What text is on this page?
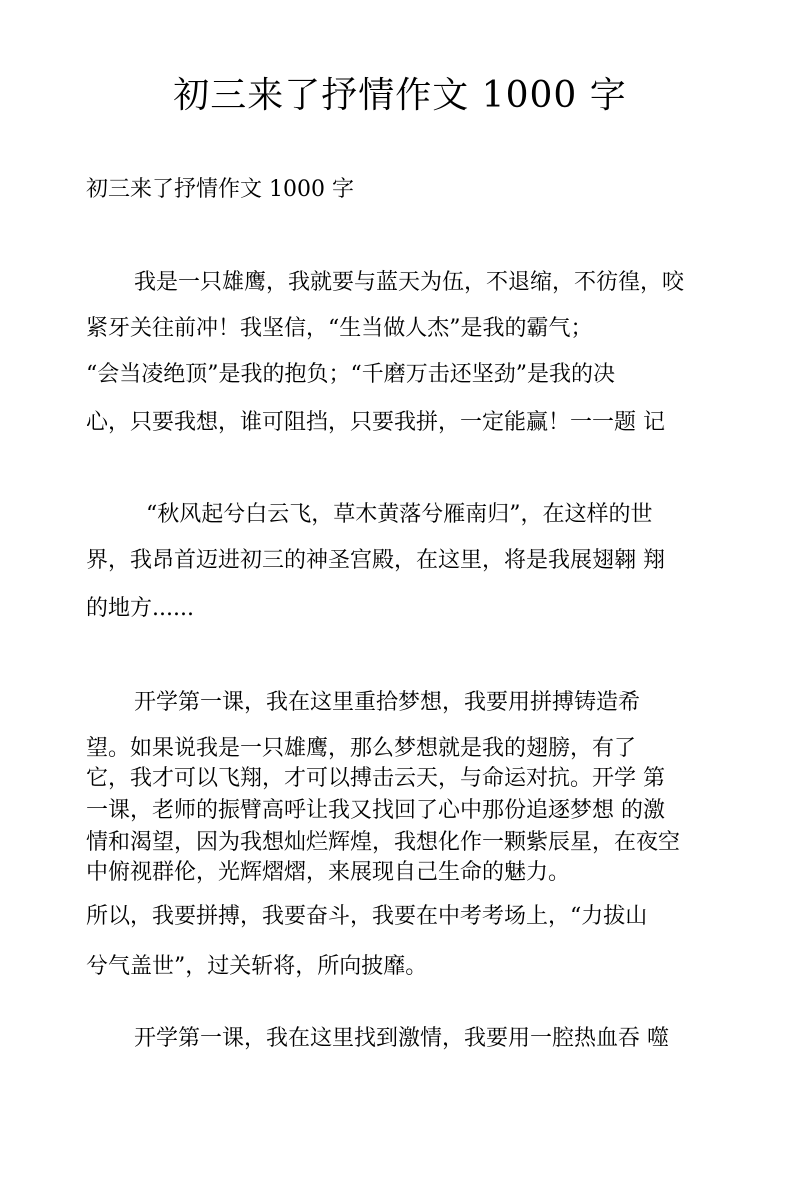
初三来了抒情作文 1000 字
初三来了抒情作文 1000 字
我是一只雄鹰，我就要与蓝天为伍，不退缩，不彷徨，咬
紧牙关往前冲！我坚信，“生当做人杰”是我的霸气；
“会当凌绝顶”是我的抱负；“千磨万击还坚劲”是我的决
心，只要我想，谁可阻挡，只要我拼，一定能赢！一一题 记
“秋风起兮白云飞，草木黄落兮雁南归”，在这样的世
界，我昂首迈进初三的神圣宫殿，在这里，将是我展翅翱 翔
的地方......
开学第一课，我在这里重拾梦想，我要用拼搏铸造希
望。如果说我是一只雄鹰，那么梦想就是我的翅膀，有了
它，我才可以飞翔，才可以搏击云天，与命运对抗。开学 第
一课，老师的振臂高呼让我又找回了心中那份追逐梦想 的激
情和渴望，因为我想灿烂辉煌，我想化作一颗紫辰星，在夜空
中俯视群伦，光辉熠熠，来展现自己生命的魅力。
所以，我要拼搏，我要奋斗，我要在中考考场上，“力拔山
兮气盖世”，过关斩将，所向披靡。
开学第一课，我在这里找到激情，我要用一腔热血吞 噬
